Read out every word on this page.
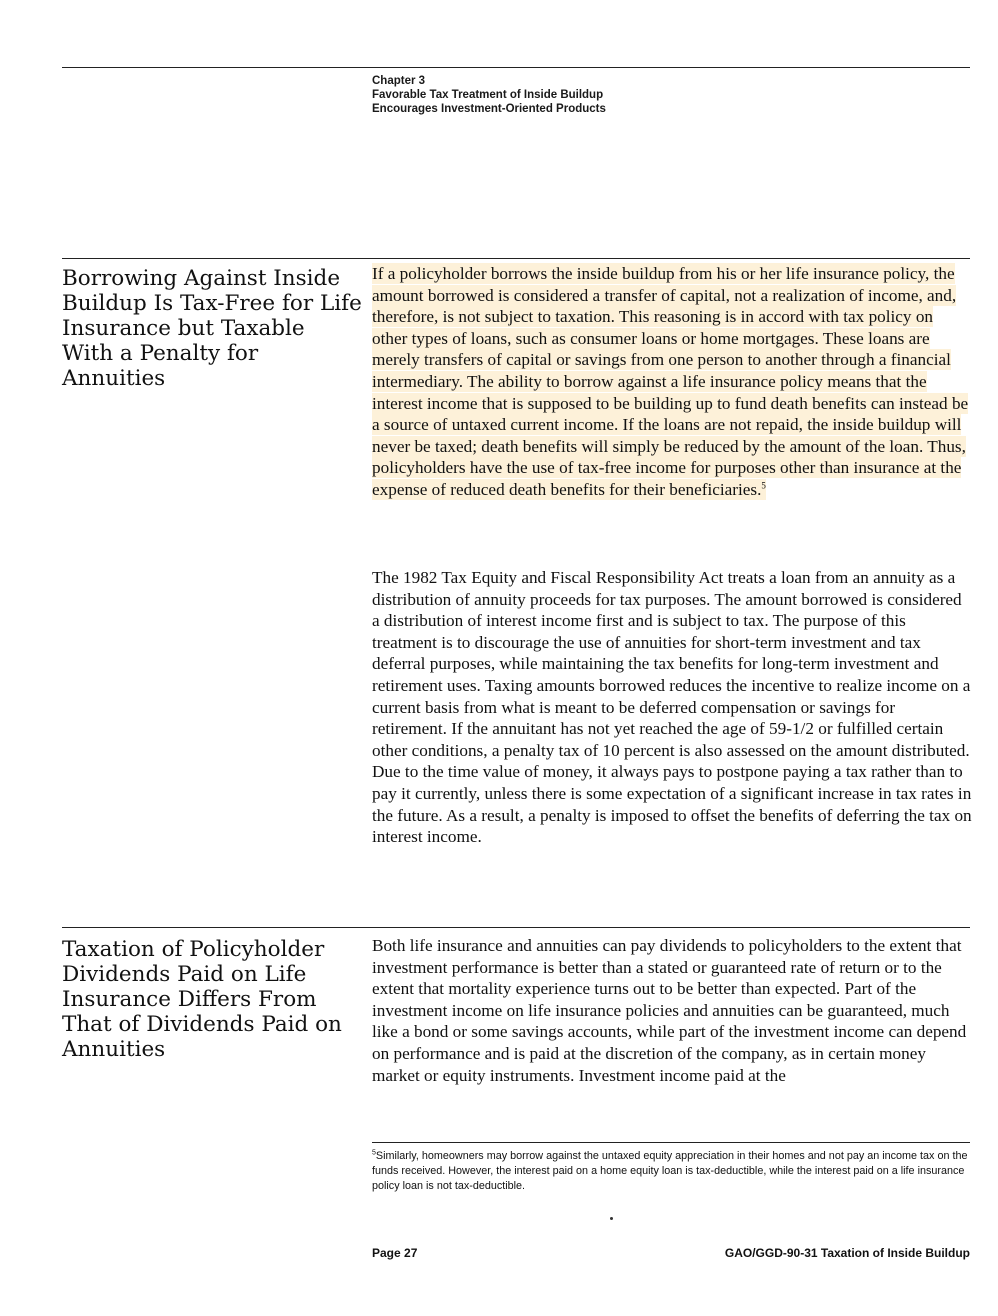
Chapter 3
Favorable Tax Treatment of Inside Buildup
Encourages Investment-Oriented Products
Borrowing Against Inside Buildup Is Tax-Free for Life Insurance but Taxable With a Penalty for Annuities
If a policyholder borrows the inside buildup from his or her life insurance policy, the amount borrowed is considered a transfer of capital, not a realization of income, and, therefore, is not subject to taxation. This reasoning is in accord with tax policy on other types of loans, such as consumer loans or home mortgages. These loans are merely transfers of capital or savings from one person to another through a financial intermediary. The ability to borrow against a life insurance policy means that the interest income that is supposed to be building up to fund death benefits can instead be a source of untaxed current income. If the loans are not repaid, the inside buildup will never be taxed; death benefits will simply be reduced by the amount of the loan. Thus, policyholders have the use of tax-free income for purposes other than insurance at the expense of reduced death benefits for their beneficiaries.$^5$
The 1982 Tax Equity and Fiscal Responsibility Act treats a loan from an annuity as a distribution of annuity proceeds for tax purposes. The amount borrowed is considered a distribution of interest income first and is subject to tax. The purpose of this treatment is to discourage the use of annuities for short-term investment and tax deferral purposes, while maintaining the tax benefits for long-term investment and retirement uses. Taxing amounts borrowed reduces the incentive to realize income on a current basis from what is meant to be deferred compensation or savings for retirement. If the annuitant has not yet reached the age of 59-1/2 or fulfilled certain other conditions, a penalty tax of 10 percent is also assessed on the amount distributed. Due to the time value of money, it always pays to postpone paying a tax rather than to pay it currently, unless there is some expectation of a significant increase in tax rates in the future. As a result, a penalty is imposed to offset the benefits of deferring the tax on interest income.
Taxation of Policyholder Dividends Paid on Life Insurance Differs From That of Dividends Paid on Annuities
Both life insurance and annuities can pay dividends to policyholders to the extent that investment performance is better than a stated or guaranteed rate of return or to the extent that mortality experience turns out to be better than expected. Part of the investment income on life insurance policies and annuities can be guaranteed, much like a bond or some savings accounts, while part of the investment income can depend on performance and is paid at the discretion of the company, as in certain money market or equity instruments. Investment income paid at the
$^5$Similarly, homeowners may borrow against the untaxed equity appreciation in their homes and not pay an income tax on the funds received. However, the interest paid on a home equity loan is tax-deductible, while the interest paid on a life insurance policy loan is not tax-deductible.
Page 27	GAO/GGD-90-31 Taxation of Inside Buildup
